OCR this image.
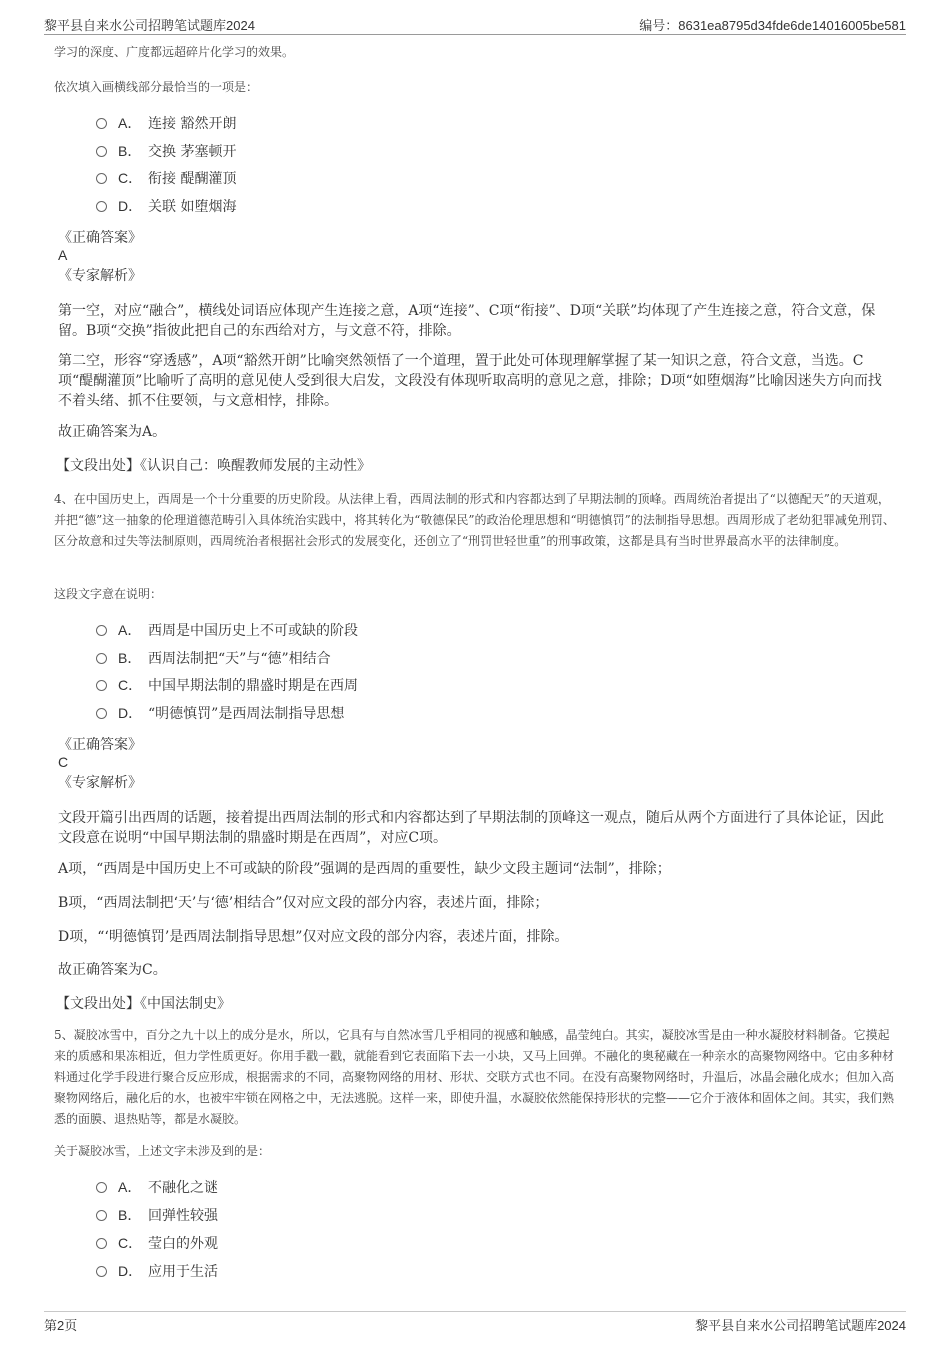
黎平县自来水公司招聘笔试题库2024	编号：8631ea8795d34fde6de14016005be581
学习的深度、广度都远超碎片化学习的效果。
依次填入画横线部分最恰当的一项是：
A． 连接 豁然开朗
B． 交换 茅塞顿开
C． 衔接 醍醐灌顶
D． 关联 如堕烟海
《正确答案》
A
《专家解析》
第一空，对应“融合”，横线处词语应体现产生连接之意，A项“连接”、C项“衔接”、D项“关联”均体现了产生连接之意，符合文意，保留。B项“交换”指彼此把自己的东西给对方，与文意不符，排除。
第二空，形容“穿透感”，A项“豁然开朗”比喻突然领悟了一个道理，置于此处可体现理解掌握了某一知识之意，符合文意，当选。C项“醍醐灌顶”比喻听了高明的意见使人受到很大启发，文段没有体现听取高明的意见之意，排除；D项“如堕烟海”比喻因迷失方向而找不着头绪、抓不住要领，与文意相悖，排除。
故正确答案为A。
【文段出处】《认识自己：唤醒教师发展的主动性》
4、在中国历史上，西周是一个十分重要的历史阶段。从法律上看，西周法制的形式和内容都达到了早期法制的顶峰。西周统治者提出了“以德配天”的天道观，并把“德”这一抽象的伦理道德范畴引入具体统治实践中，将其转化为“敬德保民”的政治伦理思想和“明德慎罚”的法制指导思想。西周形成了老幼犯罪减免刑罚、区分故意和过失等法制原则，西周统治者根据社会形式的发展变化，还创立了“刑罚世轻世重”的刑事政策，这都是具有当时世界最高水平的法律制度。
这段文字意在说明：
A． 西周是中国历史上不可或缺的阶段
B． 西周法制把“天”与“德”相结合
C． 中国早期法制的鼎盛时期是在西周
D． “明德慎罚”是西周法制指导思想
《正确答案》
C
《专家解析》
文段开篇引出西周的话题，接着提出西周法制的形式和内容都达到了早期法制的顶峰这一观点，随后从两个方面进行了具体论证，因此文段意在说明“中国早期法制的鼎盛时期是在西周”，对应C项。
A项，“西周是中国历史上不可或缺的阶段”强调的是西周的重要性，缺少文段主题词“法制”，排除；
B项，“西周法制把‘天’与‘德’相结合”仅对应文段的部分内容，表述片面，排除；
D项，“‘明德慎罚’是西周法制指导思想”仅对应文段的部分内容，表述片面，排除。
故正确答案为C。
【文段出处】《中国法制史》
5、凝胶冰雪中，百分之九十以上的成分是水，所以，它具有与自然冰雪几乎相同的视感和触感，晶莹纯白。其实，凝胶冰雪是由一种水凝胶材料制备。它摸起来的质感和果冻相近，但力学性质更好。你用手戳一戳，就能看到它表面陷下去一小块，又马上回弹。不融化的奥秘藏在一种亲水的高聚物网络中。它由多种材料通过化学手段进行聚合反应形成，根据需求的不同，高聚物网络的用材、形状、交联方式也不同。在没有高聚物网络时，升温后，冰晶会融化成水；但加入高聚物网络后，融化后的水，也被牢牢锁在网格之中，无法逃脱。这样一来，即使升温，水凝胶依然能保持形状的完整——它介于液体和固体之间。其实，我们熟悉的面膜、退热贴等，都是水凝胶。
关于凝胶冰雪，上述文字未涉及到的是：
A． 不融化之谜
B． 回弹性较强
C． 莹白的外观
D． 应用于生活
第2页	黎平县自来水公司招聘笔试题库2024
